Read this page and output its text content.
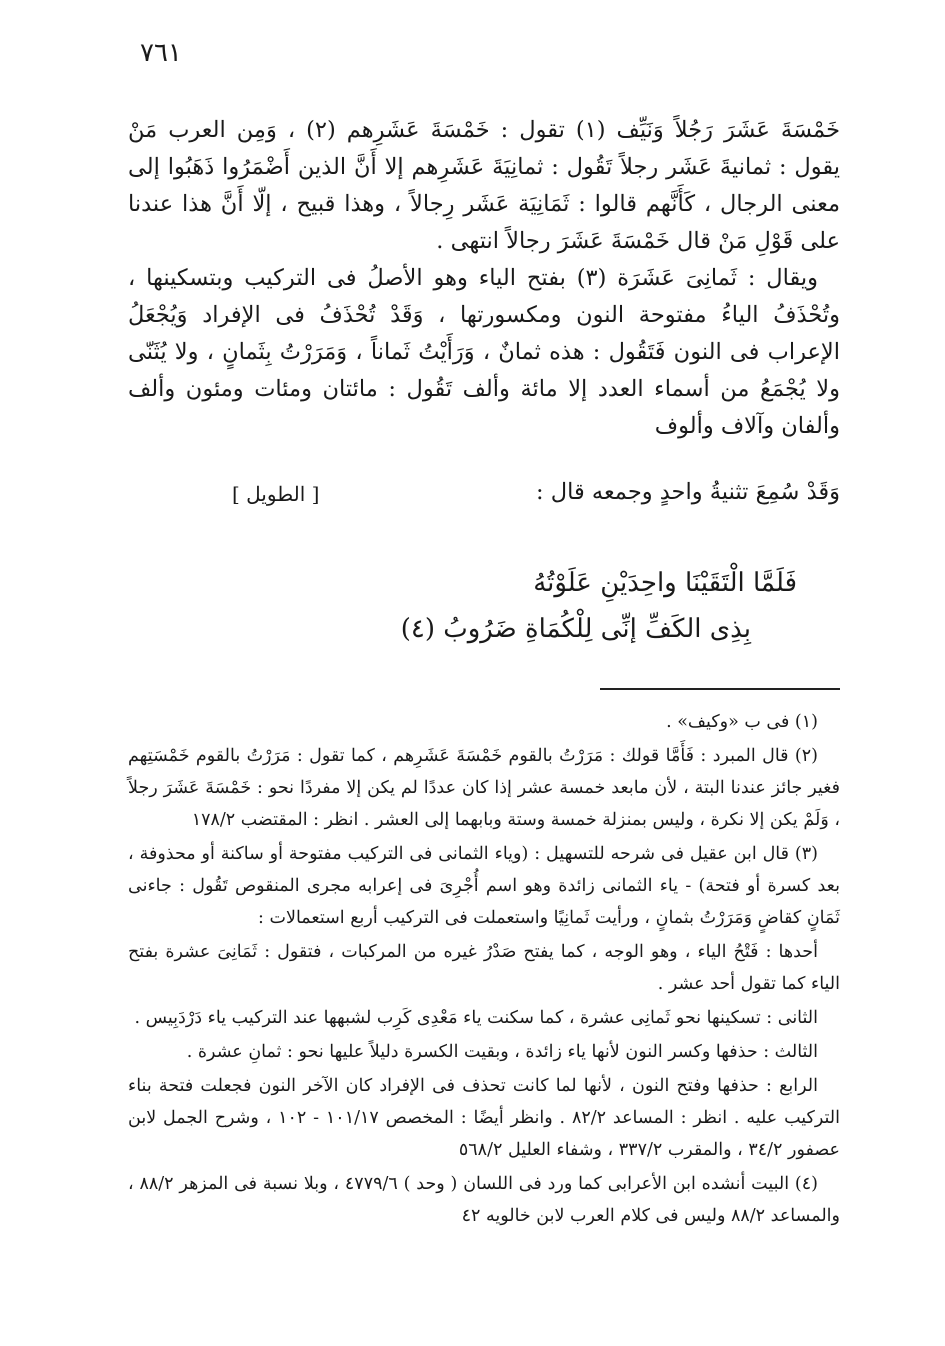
٧٦١

خَمْسَةَ عَشَرَ رَجُلاً وَنَيِّف (١) تقول : خَمْسَةَ عَشَرِهم (٢) ، وَمِن العرب مَنْ يقول : ثمانيةَ عَشَر رجلاً تَقُول : ثمانِيَةَ عَشَرِهم إلا أَنَّ الذين أَضْمَرُوا ذَهَبُوا إلى معنى الرجال ، كَأَنَّهم قالوا : ثَمَانِيَة عَشَر رِجالاً ، وهذا قبيح ، إلّا أَنَّ هذا عندنا على قَوْلِ مَنْ قال خَمْسَةَ عَشَرَ رجالاً انتهى .

ويقال : ثَمانِىَ عَشَرَة (٣) بفتح الياء وهو الأصلُ فى التركيب وبتسكينها ، وتُحْذَفُ الياءُ مفتوحة النون ومكسورتها ، وَقَدْ تُحْذَفُ فى الإفراد وَيُجْعَلُ الإعراب فى النون فَتَقُول : هذه ثمانٌ ، وَرَأَيْتُ ثَماناً ، وَمَرَرْتُ بِثَمانٍ ، ولا يُثَنّى ولا يُجْمَعُ من أسماء العدد إلا مائة وألف تَقُول : مائتان ومئات ومئون وألف وألفان وآلاف وألوف

وَقَدْ سُمِعَ تثنيةُ واحدٍ وجمعه قال :
[ الطويل ]
فَلَمَّا الْتَقَيْنَا واحِدَيْنِ عَلَوْتُهُ
بِذِى الكَفِّ إنِّى لِلْكُمَاةِ ضَرُوبُ (٤)

(١) فى ب «وكيف» .

(٢) قال المبرد : فَأَمَّا قولك : مَرَرْتُ بالقوم خَمْسَةَ عَشَرِهم ، كما تقول : مَرَرْتُ بالقوم خَمْسَتِهم فغير جائز عندنا البتة ، لأن مابعد خمسة عشر إذا كان عددًا لم يكن إلا مفردًا نحو : خَمْسَةَ عَشَرَ رجلاً ، وَلَمْ يكن إلا نكرة ، وليس بمنزلة خمسة وستة وبابهما إلى العشر . انظر : المقتضب ١٧٨/٢

(٣) قال ابن عقيل فى شرحه للتسهيل : (وياء الثمانى فى التركيب مفتوحة أو ساكنة أو محذوفة ، بعد كسرة أو فتحة) - ياء الثمانى زائدة وهو اسم أُجْرِىَ فى إعرابه مجرى المنقوص تَقُول : جاءنى ثَمَانٍ كقاضٍ وَمَرَرْتُ بثمانٍ ، ورأيت ثَمانِيًا واستعملت فى التركيب أربع استعمالات :

أحدها : فَتْحُ الياء ، وهو الوجه ، كما يفتح صَدْرُ غيره من المركبات ، فتقول : ثَمَانِىَ عشرة بفتح الياء كما تقول أحد عشر .

الثانى : تسكينها نحو ثَمانِى عشرة ، كما سكنت ياء مَعْدِى كَرِب لشبهها عند التركيب ياء دَرْدَبِيس .

الثالث : حذفها وكسر النون لأنها ياء زائدة ، وبقيت الكسرة دليلاً عليها نحو : ثمانِ عشرة .

الرابع : حذفها وفتح النون ، لأنها لما كانت تحذف فى الإفراد كان الآخر النون فجعلت فتحة بناء التركيب عليه . انظر : المساعد ٨٢/٢ . وانظر أيضًا : المخصص ١٠١/١٧ - ١٠٢ ، وشرح الجمل لابن عصفور ٣٤/٢ ، والمقرب ٣٣٧/٢ ، وشفاء العليل ٥٦٨/٢

(٤) البيت أنشده ابن الأعرابى كما ورد فى اللسان ( وحد ) ٤٧٧٩/٦ ، وبلا نسبة فى المزهر ٨٨/٢ ، والمساعد ٨٨/٢ وليس فى كلام العرب لابن خالويه ٤٢
